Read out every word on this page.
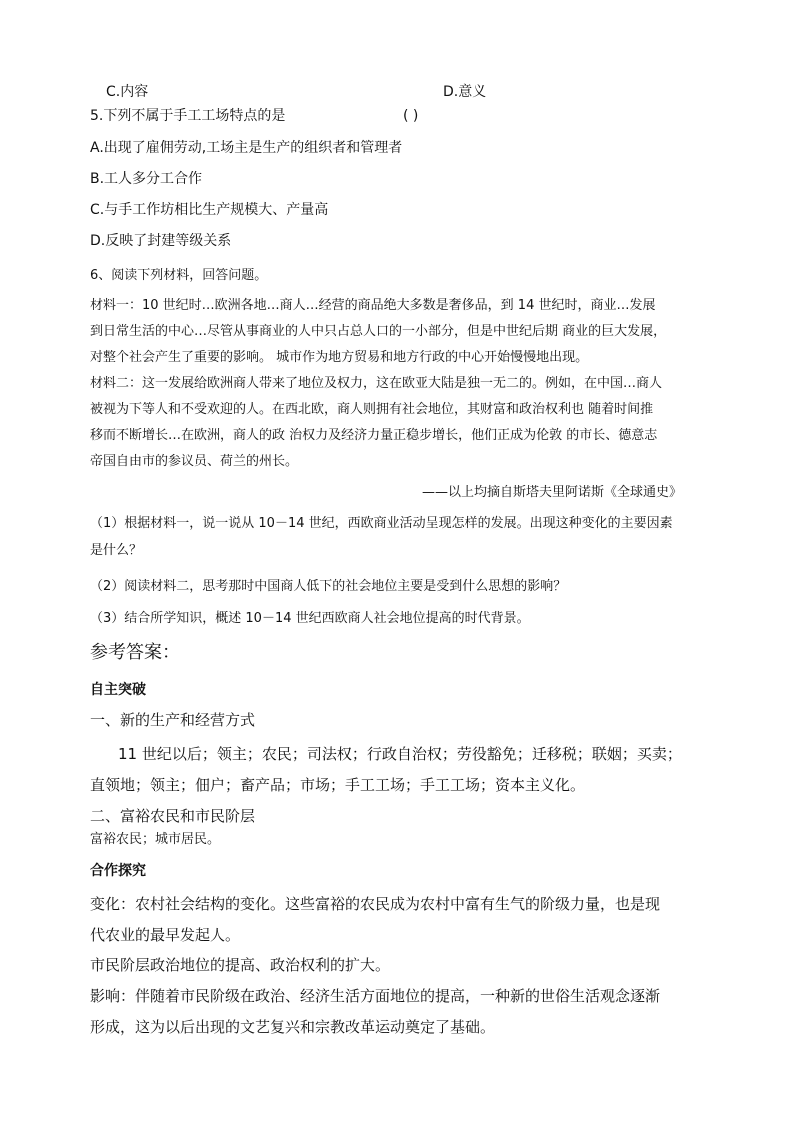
C.内容	D.意义
5.下列不属于手工工场特点的是	( )
A.出现了雇佣劳动,工场主是生产的组织者和管理者
B.工人多分工合作
C.与手工作坊相比生产规模大、产量高
D.反映了封建等级关系
6、阅读下列材料，回答问题。
材料一：10 世纪时…欧洲各地…商人…经营的商品绝大多数是奢侈品，到 14 世纪时，商业…发展
到日常生活的中心…尽管从事商业的人中只占总人口的一小部分，但是中世纪后期 商业的巨大发展，
对整个社会产生了重要的影响。 城市作为地方贸易和地方行政的中心开始慢慢地出现。
材料二：这一发展给欧洲商人带来了地位及权力，这在欧亚大陆是独一无二的。例如，在中国…商人
被视为下等人和不受欢迎的人。在西北欧，商人则拥有社会地位，其财富和政治权利也 随着时间推
移而不断增长…在欧洲，商人的政 治权力及经济力量正稳步增长，他们正成为伦敦 的市长、德意志
帝国自由市的参议员、荷兰的州长。
——以上均摘自斯塔夫里阿诺斯《全球通史》
（1）根据材料一，说一说从 10－14 世纪，西欧商业活动呈现怎样的发展。出现这种变化的主要因素
是什么？
（2）阅读材料二，思考那时中国商人低下的社会地位主要是受到什么思想的影响？
（3）结合所学知识，概述 10－14 世纪西欧商人社会地位提高的时代背景。
参考答案：
自主突破
一、新的生产和经营方式
11 世纪以后；领主；农民；司法权；行政自治权；劳役豁免；迁移税；联姻；买卖；
直领地；领主；佃户；畜产品；市场；手工工场；手工工场；资本主义化。
二、富裕农民和市民阶层
富裕农民；城市居民。
合作探究
变化：农村社会结构的变化。这些富裕的农民成为农村中富有生气的阶级力量，也是现
代农业的最早发起人。
市民阶层政治地位的提高、政治权利的扩大。
影响：伴随着市民阶级在政治、经济生活方面地位的提高，一种新的世俗生活观念逐渐
形成，这为以后出现的文艺复兴和宗教改革运动奠定了基础。
